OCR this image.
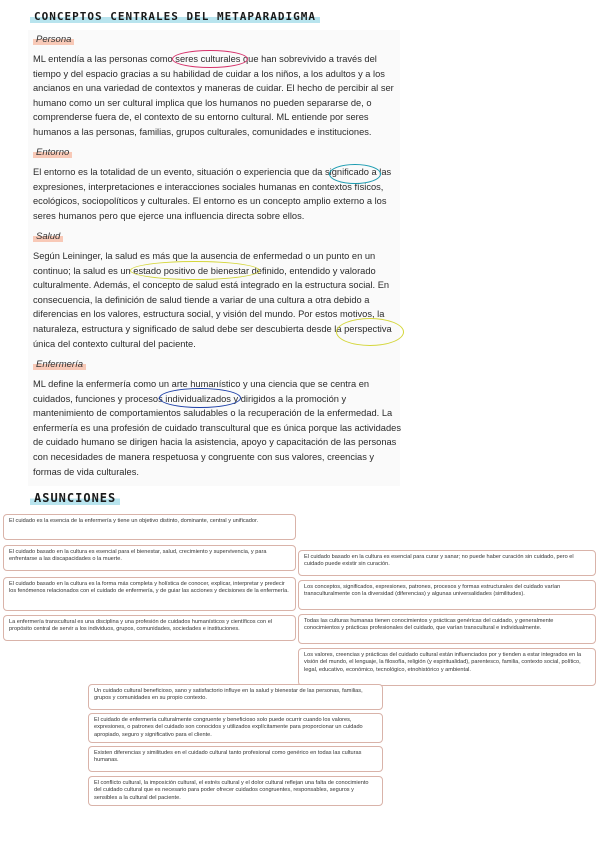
CONCEPTOS CENTRALES DEL METAPARADIGMA
Persona
ML entendía a las personas como seres culturales que han sobrevivido a través del tiempo y del espacio gracias a su habilidad de cuidar a los niños, a los adultos y a los ancianos en una variedad de contextos y maneras de cuidar. El hecho de percibir al ser humano como un ser cultural implica que los humanos no pueden separarse de, o comprenderse fuera de, el contexto de su entorno cultural. ML entiende por seres humanos a las personas, familias, grupos culturales, comunidades e instituciones.
Entorno
El entorno es la totalidad de un evento, situación o experiencia que da significado a las expresiones, interpretaciones e interacciones sociales humanas en contextos físicos, ecológicos, sociopolíticos y culturales. El entorno es un concepto amplio externo a los seres humanos pero que ejerce una influencia directa sobre ellos.
Salud
Según Leininger, la salud es más que la ausencia de enfermedad o un punto en un continuo; la salud es un estado positivo de bienestar definido, entendido y valorado culturalmente. Además, el concepto de salud está integrado en la estructura social. En consecuencia, la definición de salud tiende a variar de una cultura a otra debido a diferencias en los valores, estructura social, y visión del mundo. Por estos motivos, la naturaleza, estructura y significado de salud debe ser descubierta desde la perspectiva única del contexto cultural del paciente.
Enfermería
ML define la enfermería como un arte humanístico y una ciencia que se centra en cuidados, funciones y procesos individualizados y dirigidos a la promoción y mantenimiento de comportamientos saludables o la recuperación de la enfermedad. La enfermería es una profesión de cuidado transcultural que es única porque las actividades de cuidado humano se dirigen hacia la asistencia, apoyo y capacitación de las personas con necesidades de manera respetuosa y congruente con sus valores, creencias y formas de vida culturales.
ASUNCIONES
El cuidado es la esencia de la enfermería y tiene un objetivo distinto, dominante, central y unificador.
El cuidado basado en la cultura es esencial para el bienestar, salud, crecimiento y supervivencia, y para enfrentarse a las discapacidades o la muerte.
El cuidado basado en la cultura es la forma más completa y holística de conocer, explicar, interpretar y predecir los fenómenos relacionados con el cuidado de enfermería, y de guiar las acciones y decisiones de la enfermería.
La enfermería transcultural es una disciplina y una profesión de cuidados humanísticos y científicos con el propósito central de servir a los individuos, grupos, comunidades, sociedades e instituciones.
El cuidado basado en la cultura es esencial para curar y sanar; no puede haber curación sin cuidado, pero el cuidado puede existir sin curación.
Los conceptos, significados, expresiones, patrones, procesos y formas estructurales del cuidado varían transculturalmente con la diversidad (diferencias) y algunas universalidades (similitudes).
Todas las culturas humanas tienen conocimientos y prácticas genéricas del cuidado, y generalmente conocimientos y prácticas profesionales del cuidado, que varían transcultural e individualmente.
Los valores, creencias y prácticas del cuidado cultural están influenciados por y tienden a estar integrados en la visión del mundo, el lenguaje, la filosofía, religión (y espiritualidad), parentesco, familia, contexto social, político, legal, educativo, económico, tecnológico, etnohistórico y ambiental.
Un cuidado cultural beneficioso, sano y satisfactorio influye en la salud y bienestar de las personas, familias, grupos y comunidades en su propio contexto.
El cuidado de enfermería culturalmente congruente y beneficioso solo puede ocurrir cuando los valores, expresiones, o patrones del cuidado son conocidos y utilizados explícitamente para proporcionar un cuidado apropiado, seguro y significativo para el cliente.
Existen diferencias y similitudes en el cuidado cultural tanto profesional como genérico en todas las culturas humanas.
El conflicto cultural, la imposición cultural, el estrés cultural y el dolor cultural reflejan una falta de conocimiento del cuidado cultural que es necesario para poder ofrecer cuidados congruentes, responsables, seguros y sensibles a la cultural del paciente.
